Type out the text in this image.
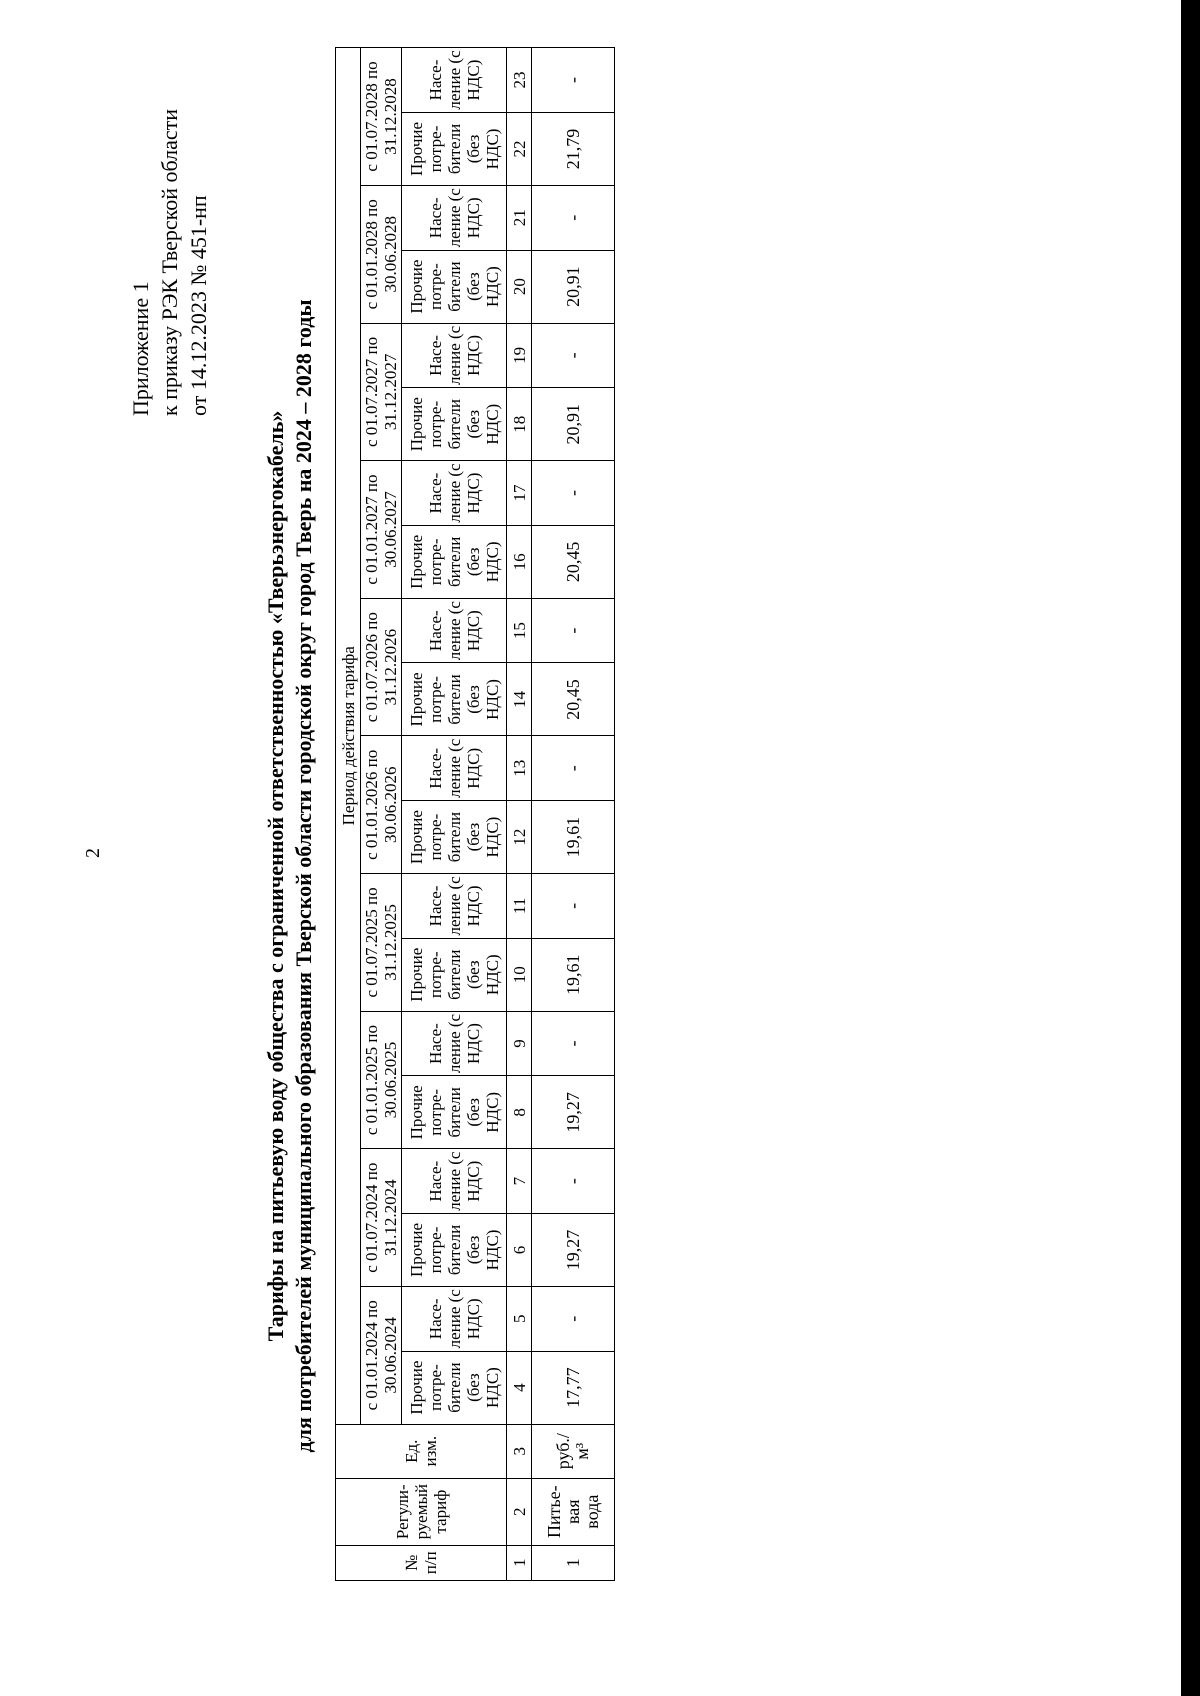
2
Приложение 1 к приказу РЭК Тверской области от 14.12.2023 № 451-нп
Тарифы на питьевую воду общества с ограниченной ответственностью «Тверьэнергокабель» для потребителей муниципального образования Тверской области городской округ город Тверь на 2024 – 2028 годы
№ п/п	Регули-руемый тариф	Ед. изм.	Период действия тарифа																			
			с 01.01.2024 по 30.06.2024		с 01.07.2024 по 31.12.2024		с 01.01.2025 по 30.06.2025		с 01.07.2025 по 31.12.2025		с 01.01.2026 по 30.06.2026		с 01.07.2026 по 31.12.2026		с 01.01.2027 по 30.06.2027		с 01.07.2027 по 31.12.2027		с 01.01.2028 по 30.06.2028		с 01.07.2028 по 31.12.2028	
			Прочие потре-бители (без НДС)	Насе-ление (с НДС)	Прочие потре-бители (без НДС)	Насе-ление (с НДС)	Прочие потре-бители (без НДС)	Насе-ление (с НДС)	Прочие потре-бители (без НДС)	Насе-ление (с НДС)	Прочие потре-бители (без НДС)	Насе-ление (с НДС)	Прочие потре-бители (без НДС)	Насе-ление (с НДС)	Прочие потре-бители (без НДС)	Насе-ление (с НДС)	Прочие потре-бители (без НДС)	Насе-ление (с НДС)	Прочие потре-бители (без НДС)	Насе-ление (с НДС)	Прочие потре-бители (без НДС)	Насе-ление (с НДС)
1	2	3	4	5	6	7	8	9	10	11	12	13	14	15	16	17	18	19	20	21	22	23
1	Питье-вая вода	руб./м³	17,77	-	19,27	-	19,27	-	19,61	-	19,61	-	20,45	-	20,45	-	20,91	-	20,91	-	21,79	-
